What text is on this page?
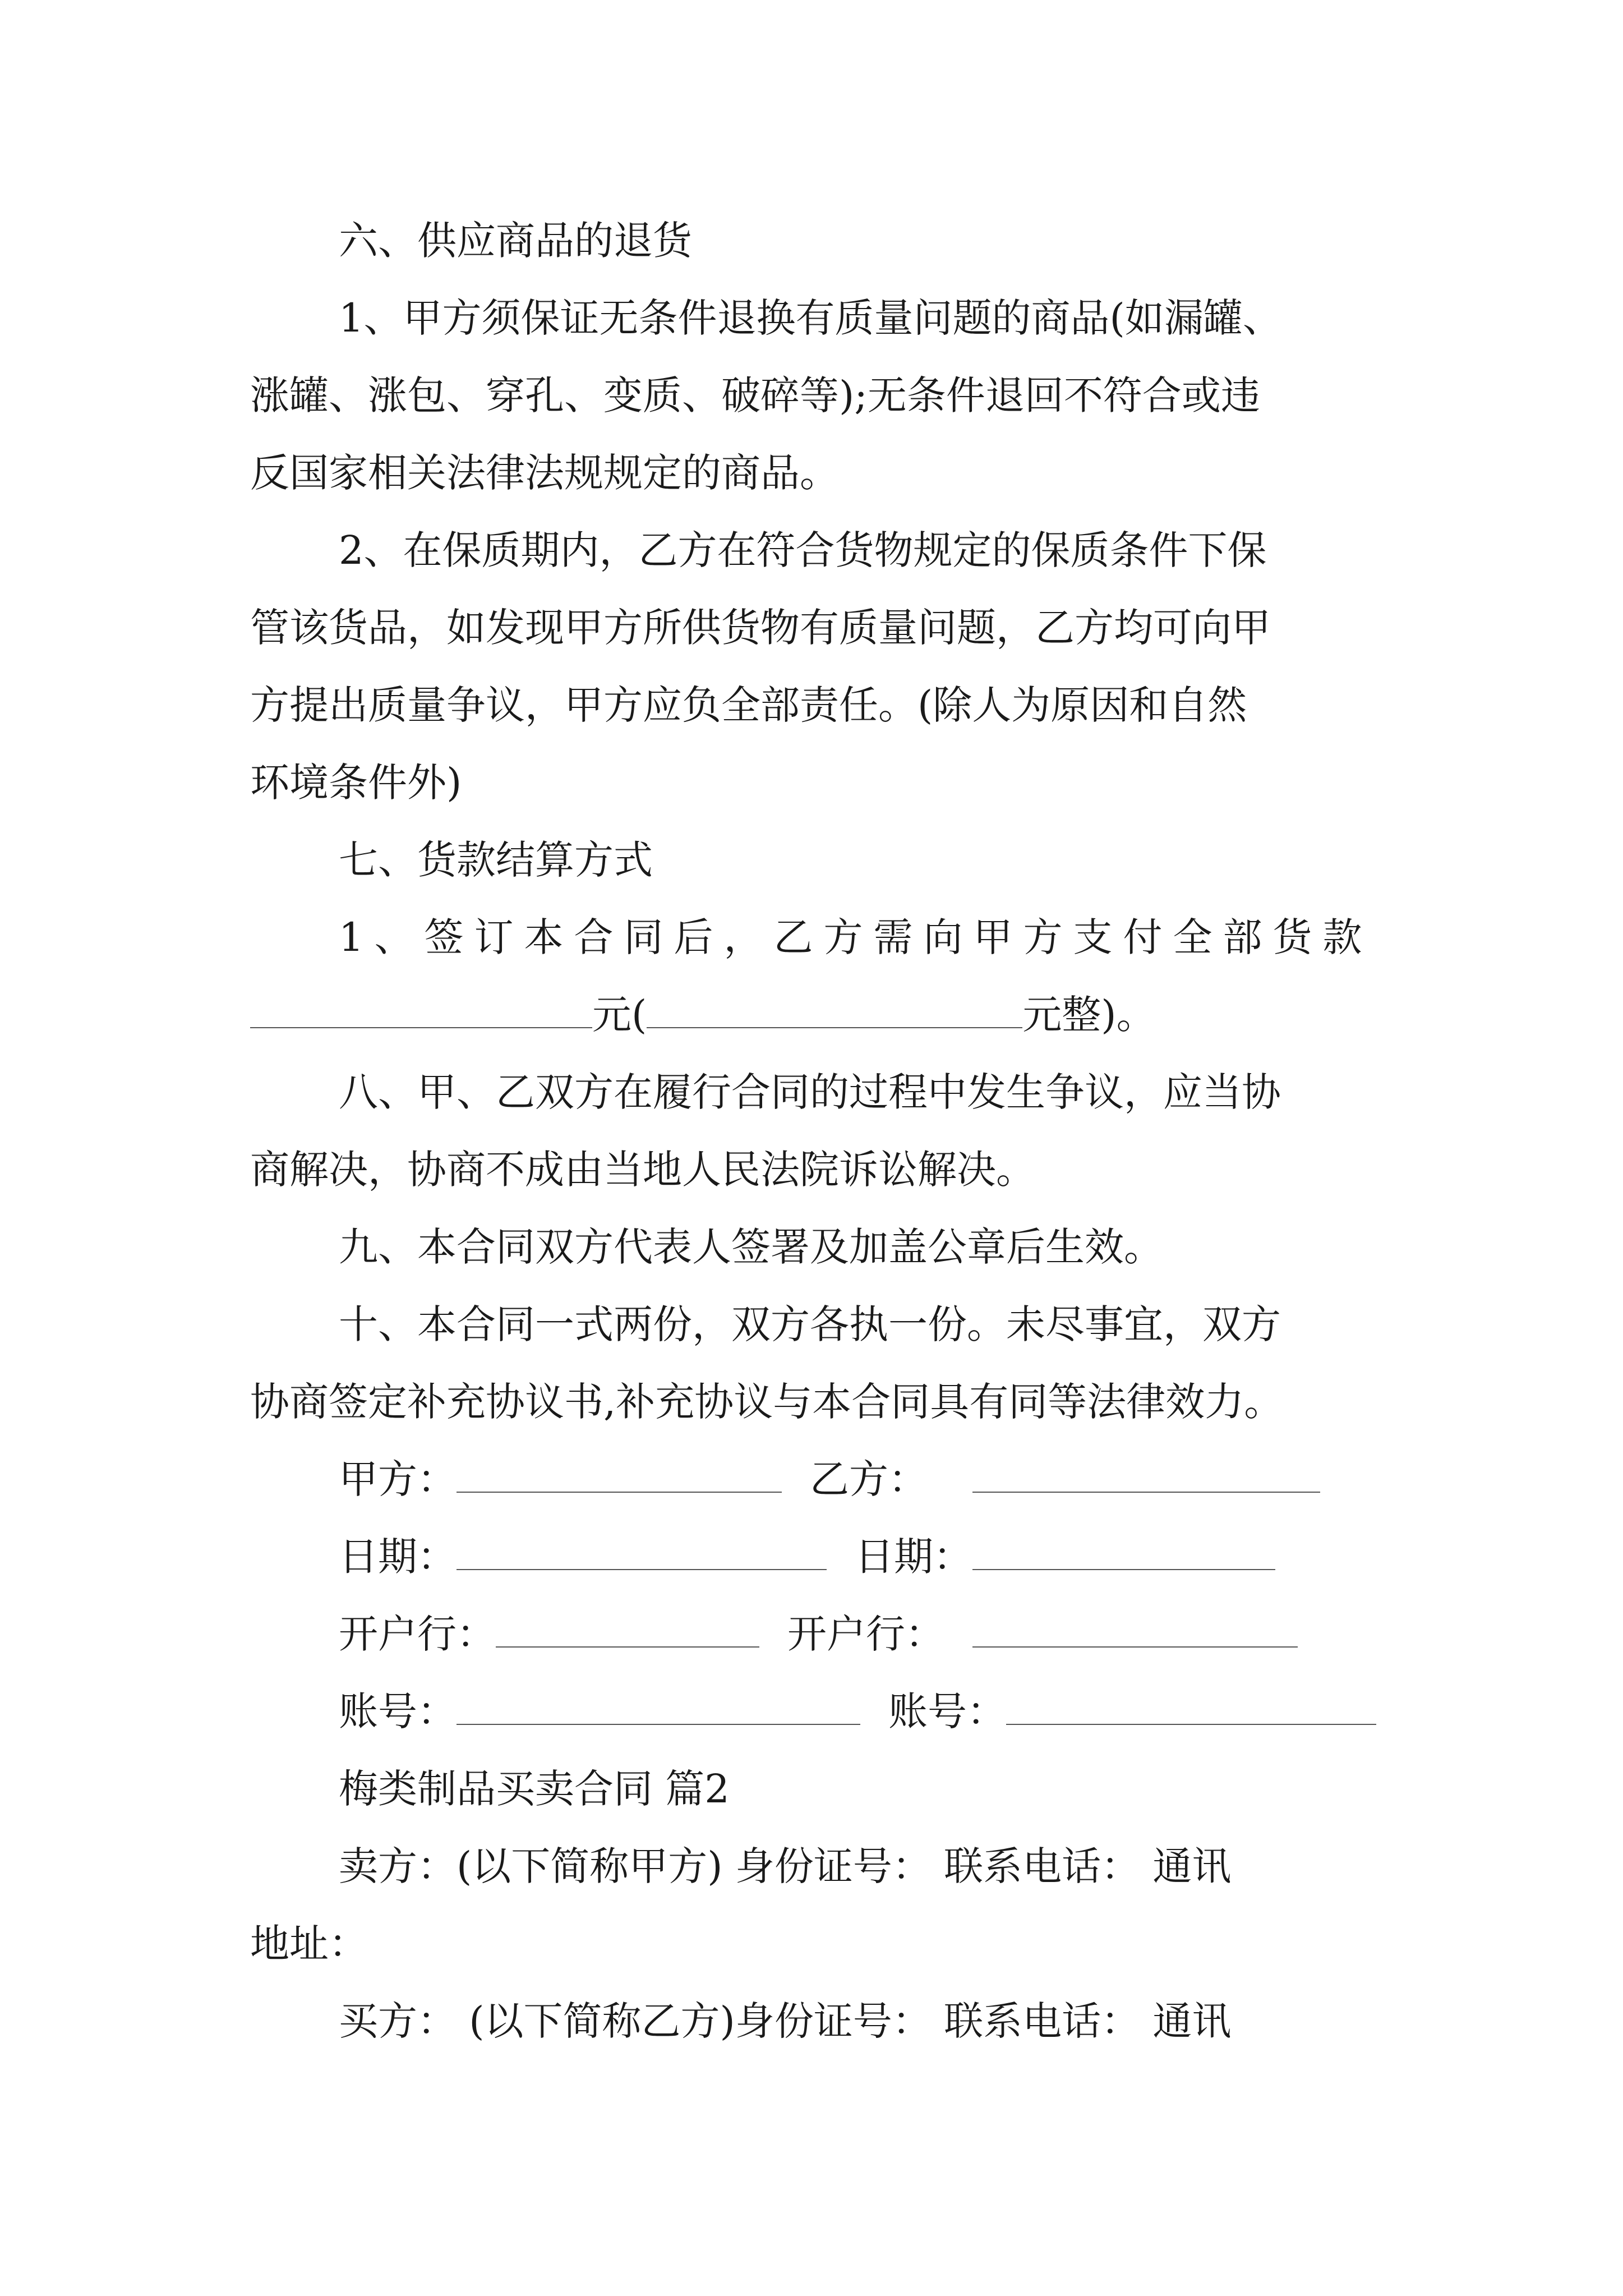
六、供应商品的退货
1、甲方须保证无条件退换有质量问题的商品(如漏罐、
涨罐、涨包、穿孔、变质、破碎等);无条件退回不符合或违
反国家相关法律法规规定的商品。
2、在保质期内，乙方在符合货物规定的保质条件下保
管该货品，如发现甲方所供货物有质量问题，乙方均可向甲
方提出质量争议，甲方应负全部责任。(除人为原因和自然
环境条件外)
七、货款结算方式
1、签订本合同后，乙方需向甲方支付全部货款
元(	元整)。
八、甲、乙双方在履行合同的过程中发生争议，应当协
商解决，协商不成由当地人民法院诉讼解决。
九、本合同双方代表人签署及加盖公章后生效。
十、本合同一式两份，双方各执一份。未尽事宜，双方
协商签定补充协议书,补充协议与本合同具有同等法律效力。
甲方：	乙方：
日期：	日期：
开户行：	开户行：
账号：	账号：
梅类制品买卖合同 篇2
卖方：(以下简称甲方) 身份证号： 联系电话： 通讯
地址：
买方： (以下简称乙方)身份证号： 联系电话： 通讯
